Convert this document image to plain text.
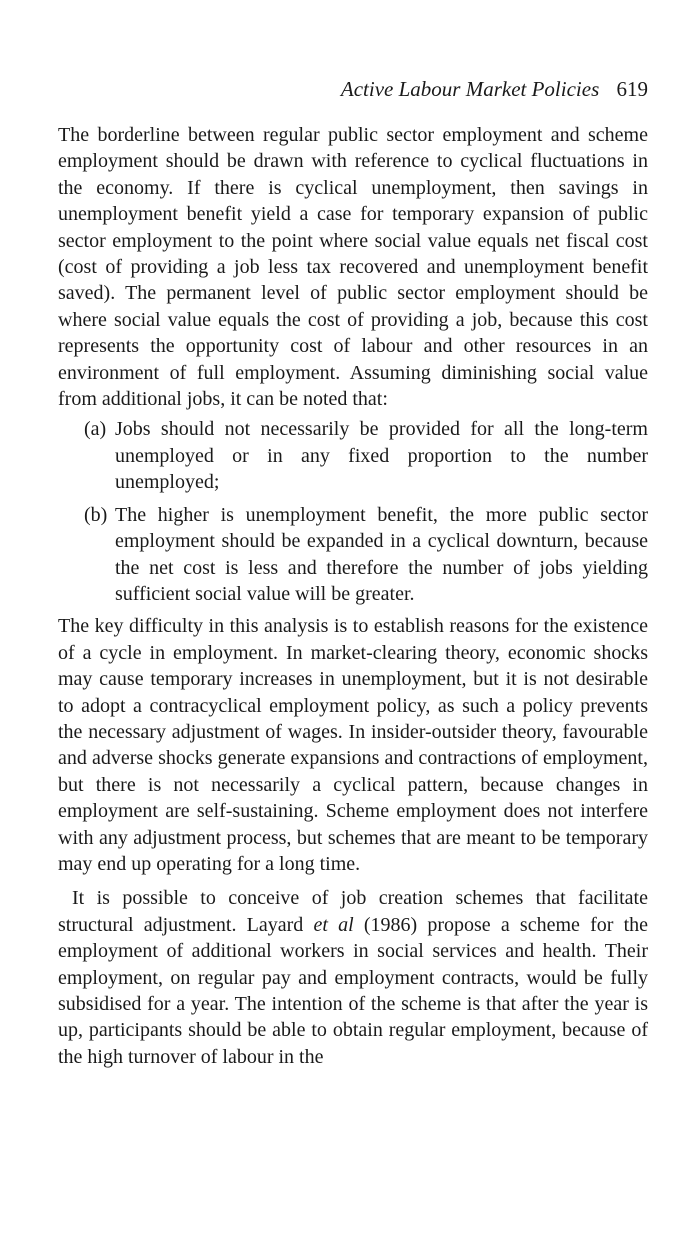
Active Labour Market Policies 619

The borderline between regular public sector employment and scheme employment should be drawn with reference to cyclical fluctuations in the economy. If there is cyclical unemployment, then savings in unemployment benefit yield a case for temporary expansion of public sector employment to the point where social value equals net fiscal cost (cost of providing a job less tax recovered and unemployment benefit saved). The permanent level of public sector employment should be where social value equals the cost of providing a job, because this cost represents the opportunity cost of labour and other resources in an environment of full employment. Assuming diminishing social value from additional jobs, it can be noted that:

(a) Jobs should not necessarily be provided for all the long-term unemployed or in any fixed proportion to the number unemployed;
(b) The higher is unemployment benefit, the more public sector employment should be expanded in a cyclical downturn, because the net cost is less and therefore the number of jobs yielding sufficient social value will be greater.

The key difficulty in this analysis is to establish reasons for the existence of a cycle in employment. In market-clearing theory, economic shocks may cause temporary increases in unemployment, but it is not desirable to adopt a contracyclical employment policy, as such a policy prevents the necessary adjustment of wages. In insider-outsider theory, favourable and adverse shocks generate expansions and contractions of employment, but there is not necessarily a cyclical pattern, because changes in employment are self-sustaining. Scheme employment does not interfere with any adjustment process, but schemes that are meant to be temporary may end up operating for a long time.

It is possible to conceive of job creation schemes that facilitate structural adjustment. Layard et al (1986) propose a scheme for the employment of additional workers in social services and health. Their employment, on regular pay and employment contracts, would be fully subsidised for a year. The intention of the scheme is that after the year is up, participants should be able to obtain regular employment, because of the high turnover of labour in the
